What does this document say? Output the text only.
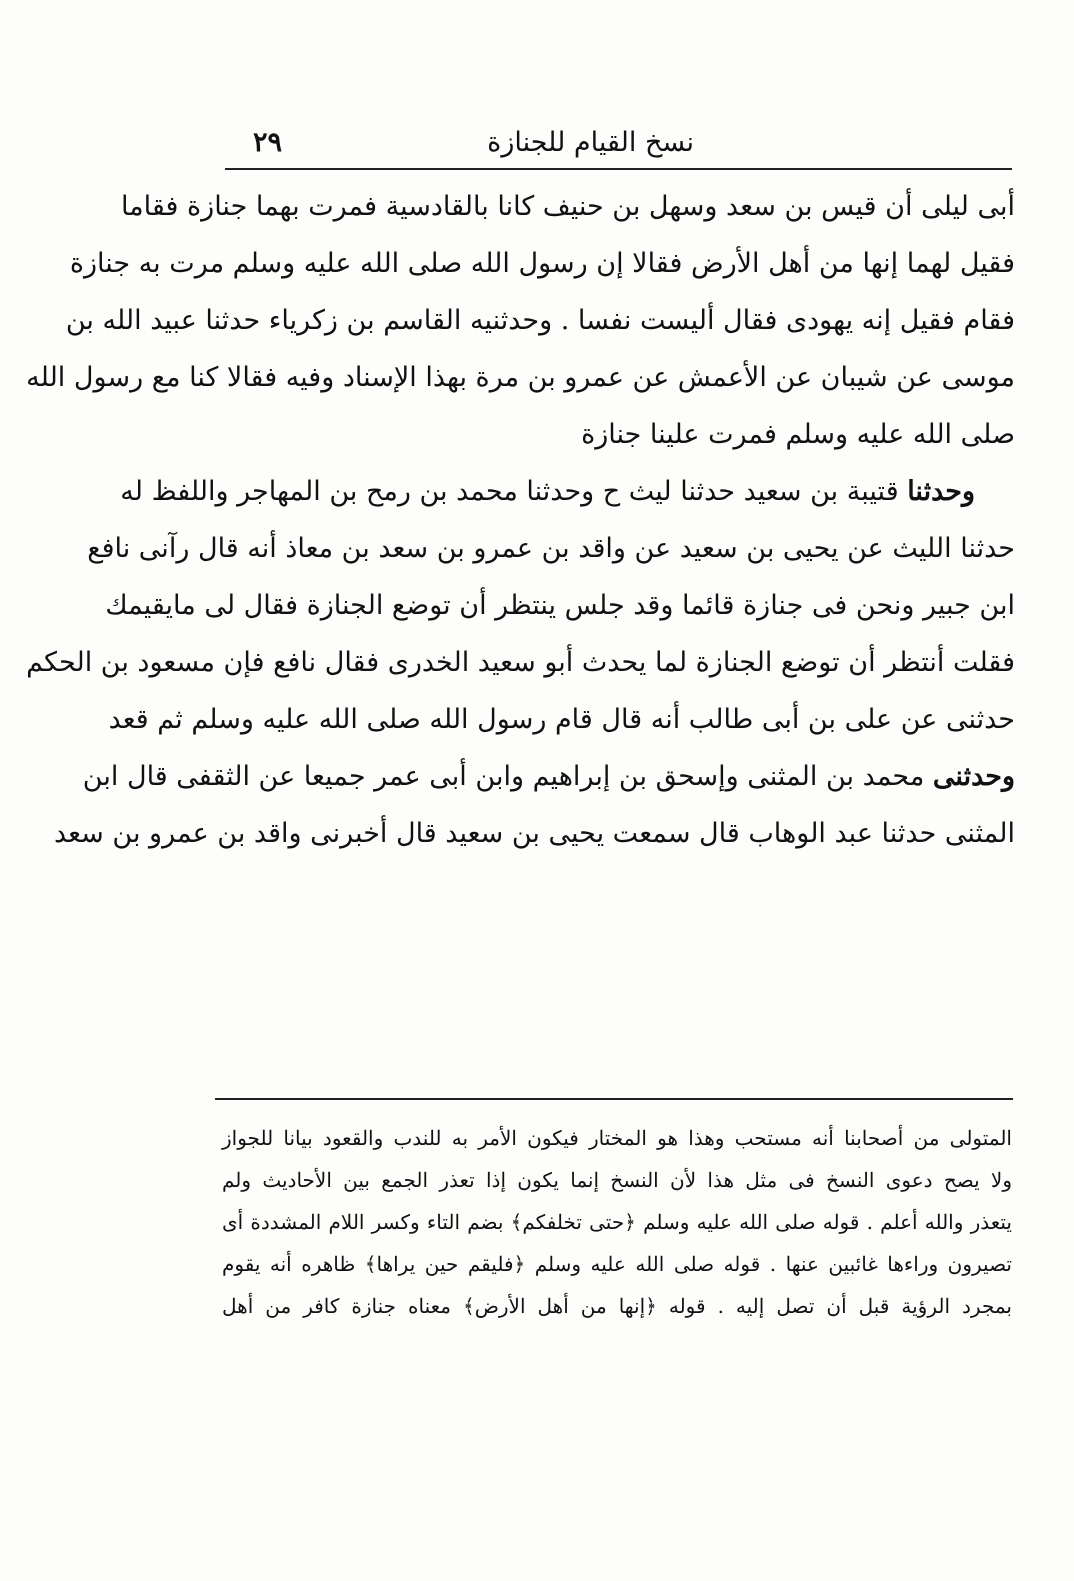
نسخ القيام للجنازة
٢٩
أبى ليلى أن قيس بن سعد وسهل بن حنيف كانا بالقادسية فمرت بهما جنازة فقاما
فقيل لهما إنها من أهل الأرض فقالا إن رسول الله صلى الله عليه وسلم مرت به جنازة
فقام فقيل إنه يهودى فقال أليست نفسا . وحدثنيه القاسم بن زكرياء حدثنا عبيد الله بن
موسى عن شيبان عن الأعمش عن عمرو بن مرة بهذا الإسناد وفيه فقالا كنا مع رسول الله
صلى الله عليه وسلم فمرت علينا جنازة
وحدثنا قتيبة بن سعيد حدثنا ليث ح وحدثنا محمد بن رمح بن المهاجر واللفظ له
حدثنا الليث عن يحيى بن سعيد عن واقد بن عمرو بن سعد بن معاذ أنه قال رآنى نافع
ابن جبير ونحن فى جنازة قائما وقد جلس ينتظر أن توضع الجنازة فقال لى مايقيمك
فقلت أنتظر أن توضع الجنازة لما يحدث أبو سعيد الخدرى فقال نافع فإن مسعود بن الحكم
حدثنى عن على بن أبى طالب أنه قال قام رسول الله صلى الله عليه وسلم ثم قعد
وحدثنى محمد بن المثنى وإسحق بن إبراهيم وابن أبى عمر جميعا عن الثقفى قال ابن
المثنى حدثنا عبد الوهاب قال سمعت يحيى بن سعيد قال أخبرنى واقد بن عمرو بن سعد
المتولى من أصحابنا أنه مستحب وهذا هو المختار فيكون الأمر به للندب والقعود بيانا للجواز
ولا يصح دعوى النسخ فى مثل هذا لأن النسخ إنما يكون إذا تعذر الجمع بين الأحاديث ولم
يتعذر والله أعلم . قوله صلى الله عليه وسلم ﴿حتى تخلفكم﴾ بضم التاء وكسر اللام المشددة أى
تصيرون وراءها غائبين عنها . قوله صلى الله عليه وسلم ﴿فليقم حين يراها﴾ ظاهره أنه يقوم
بمجرد الرؤية قبل أن تصل إليه . قوله ﴿إنها من أهل الأرض﴾ معناه جنازة كافر من أهل
